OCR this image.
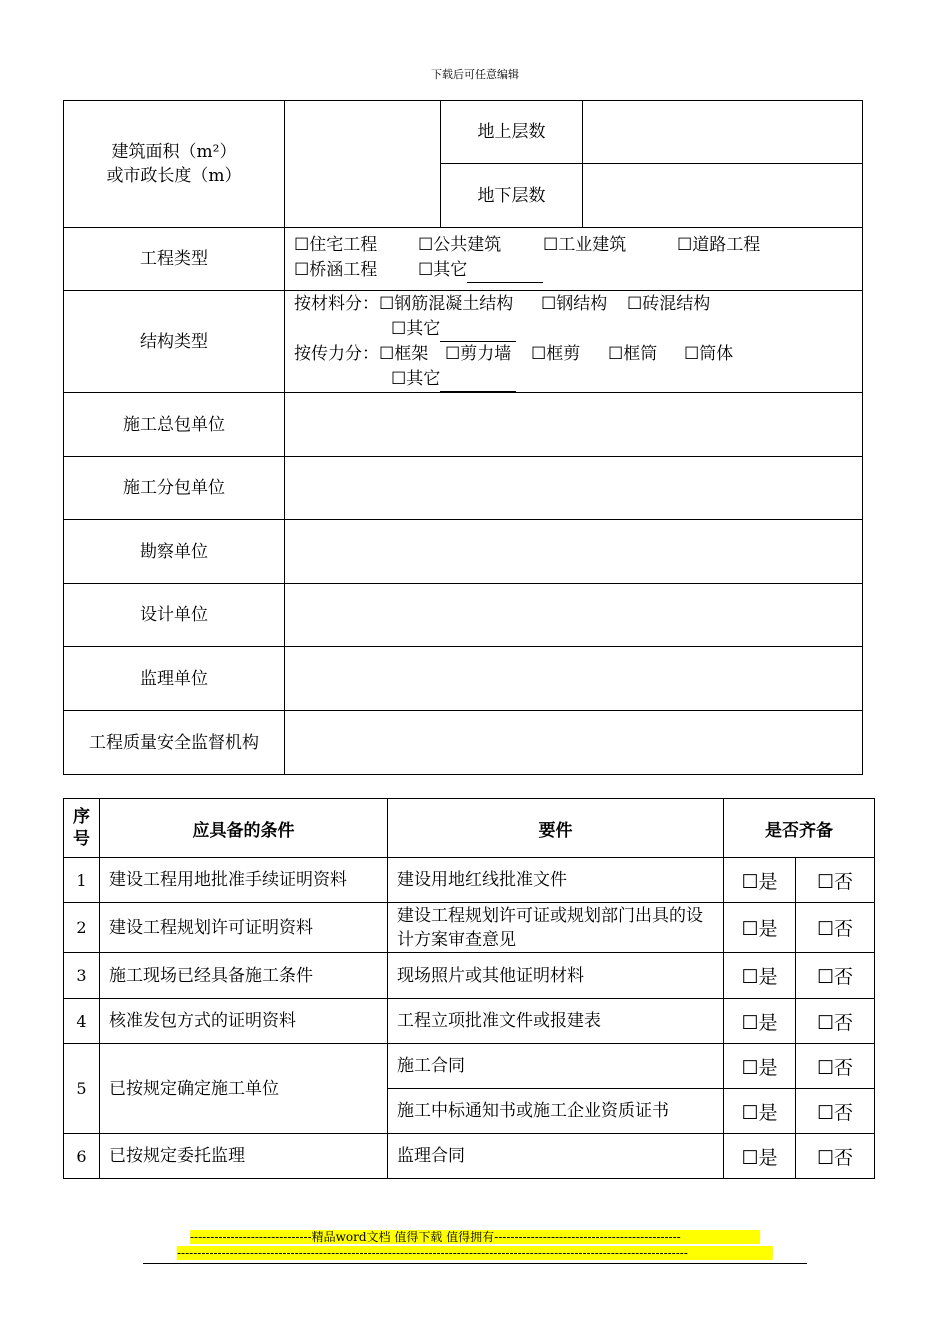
下载后可任意编辑
建筑面积（m²）
或市政长度（m）		地上层数	
		地下层数	
工程类型	☐住宅工程 ☐公共建筑 ☐工业建筑 ☐道路工程
☐桥涵工程 ☐其它		

结构类型	按材料分：☐钢筋混凝土结构 ☐钢结构 ☐砖混结构
☐其它
按传力分：☐框架 ☐剪力墙 ☐框剪 ☐框筒 ☐筒体
☐其它		

施工总包单位			
施工分包单位			
勘察单位			
设计单位			
监理单位			
工程质量安全监督机构			
序号	应具备的条件	要件	是否齐备	
1	建设工程用地批准手续证明资料	建设用地红线批准文件	☐是	☐否
2	建设工程规划许可证明资料	建设工程规划许可证或规划部门出具的设计方案审查意见	☐是	☐否
3	施工现场已经具备施工条件	现场照片或其他证明材料	☐是	☐否
4	核准发包方式的证明资料	工程立项批准文件或报建表	☐是	☐否
5	已按规定确定施工单位	施工合同	☐是	☐否
		施工中标通知书或施工企业资质证书	☐是	☐否
6	已按规定委托监理	监理合同	☐是	☐否
------------------------------精品word文档 值得下载 值得拥有----------------------------------------------
------------------------------------------------------------------------------------------------------------------------------
